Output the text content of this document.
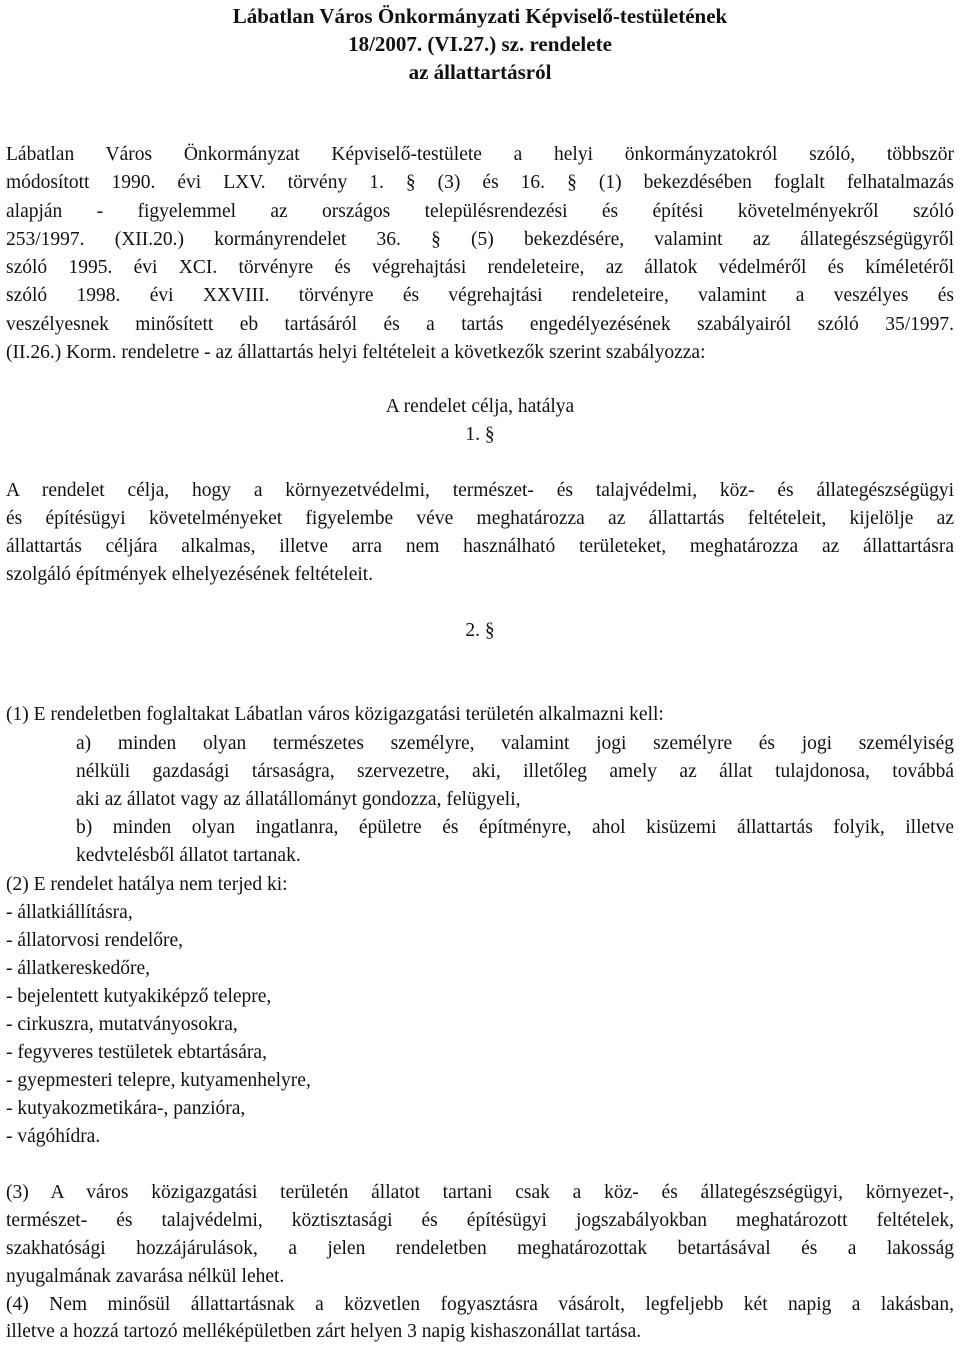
Lábatlan Város Önkormányzati Képviselő-testületének
18/2007. (VI.27.) sz. rendelete
az állattartásról
Lábatlan Város Önkormányzat Képviselő-testülete a helyi önkormányzatokról szóló, többször
módosított 1990. évi LXV. törvény 1. § (3) és 16. § (1) bekezdésében foglalt felhatalmazás
alapján - figyelemmel az országos településrendezési és építési követelményekről szóló
253/1997. (XII.20.) kormányrendelet 36. § (5) bekezdésére, valamint az állategészségügyről
szóló 1995. évi XCI. törvényre és végrehajtási rendeleteire, az állatok védelméről és kíméletéről
szóló 1998. évi XXVIII. törvényre és végrehajtási rendeleteire, valamint a veszélyes és
veszélyesnek minősített eb tartásáról és a tartás engedélyezésének szabályairól szóló 35/1997.
(II.26.) Korm. rendeletre - az állattartás helyi feltételeit a következők szerint szabályozza:
A rendelet célja, hatálya
1. §
A rendelet célja, hogy a környezetvédelmi, természet- és talajvédelmi, köz- és állategészségügyi
és építésügyi követelményeket figyelembe véve meghatározza az állattartás feltételeit, kijelölje az
állattartás céljára alkalmas, illetve arra nem használható területeket, meghatározza az állattartásra
szolgáló építmények elhelyezésének feltételeit.
2. §
(1) E rendeletben foglaltakat Lábatlan város közigazgatási területén alkalmazni kell:
a) minden olyan természetes személyre, valamint jogi személyre és jogi személyiség
nélküli gazdasági társaságra, szervezetre, aki, illetőleg amely az állat tulajdonosa, továbbá
aki az állatot vagy az állatállományt gondozza, felügyeli,
b) minden olyan ingatlanra, épületre és építményre, ahol kisüzemi állattartás folyik, illetve
kedvtelésből állatot tartanak.
(2) E rendelet hatálya nem terjed ki:
- állatkiállításra,
- állatorvosi rendelőre,
- állatkereskedőre,
- bejelentett kutyakiképző telepre,
- cirkuszra, mutatványosokra,
- fegyveres testületek ebtartására,
- gyepmesteri telepre, kutyamenhelyre,
- kutyakozmetikára-, panzióra,
- vágóhídra.
(3) A város közigazgatási területén állatot tartani csak a köz- és állategészségügyi, környezet-,
természet- és talajvédelmi, köztisztasági és építésügyi jogszabályokban meghatározott feltételek,
szakhatósági hozzájárulások, a jelen rendeletben meghatározottak betartásával és a lakosság
nyugalmának zavarása nélkül lehet.
(4) Nem minősül állattartásnak a közvetlen fogyasztásra vásárolt, legfeljebb két napig a lakásban,
illetve a hozzá tartozó melléképületben zárt helyen 3 napig kishaszonállat tartása.
